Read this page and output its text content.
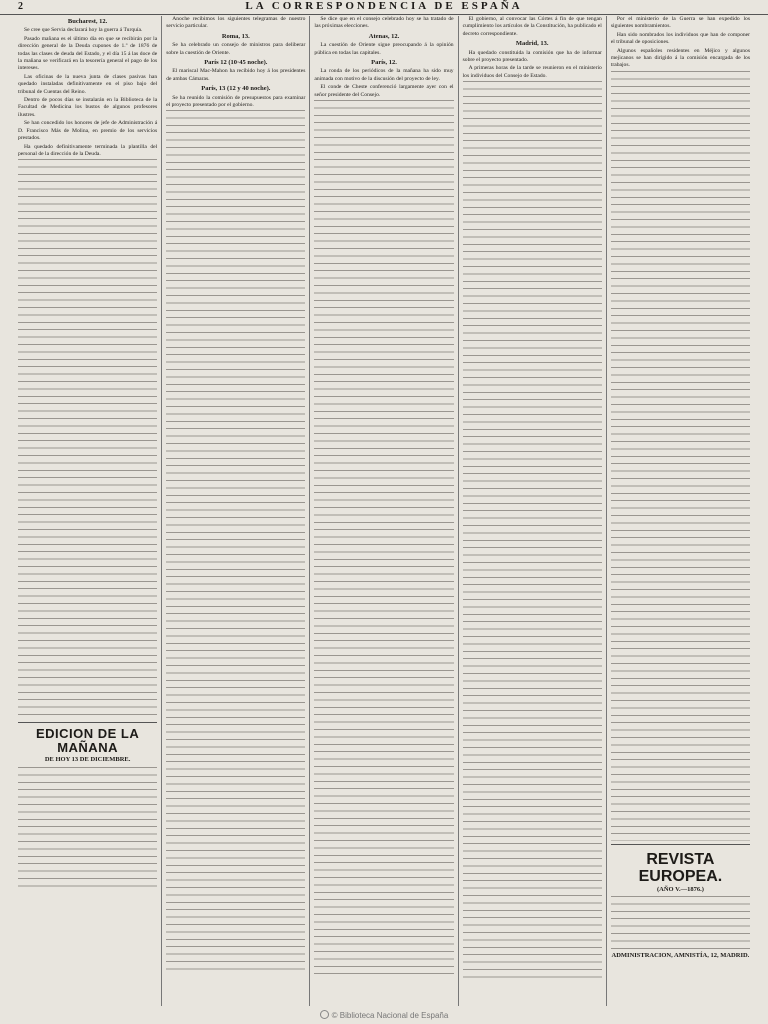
2	LA CORRESPONDENCIA DE ESPAÑA
Bucharest, 12.

Se cree que Servia declarará hoy la guerra á Turquía.

Pasado mañana es el último día en que se recibirán por la dirección general de la Deuda cupones de 1.º de 1876 de todas las clases de deuda del Estado, y el día 15 á las doce de la mañana se verificará en la tesorería general el pago de los intereses.

Las oficinas de la nueva junta de clases pasivas han quedado instaladas definitivamente en el piso bajo del tribunal de Cuentas del Reino.

Dentro de pocos días se instalarán en la Biblioteca de la Facultad de Medicina los bustos de algunos profesores ilustres.

Se han concedido los honores de jefe de Administración á D. Francisco Más de Molina, en premio de los servicios prestados.

Ha quedado definitivamente terminada la plantilla del personal de la dirección de la Deuda.

EDICION DE LA MAÑANA
DE HOY 13 DE DICIEMBRE.

Anoche recibimos los siguientes telegramas de nuestro servicio particular.

Roma, 13.

Se ha celebrado un consejo de ministros para deliberar sobre la cuestión de Oriente.

París 12 (10·45 noche).

El mariscal Mac-Mahon ha recibido hoy á los presidentes de ambas Cámaras.

París, 13 (12 y 40 noche).

Se ha reunido la comisión de presupuestos para examinar el proyecto presentado por el gobierno.

Se dice que en el consejo celebrado hoy se ha tratado de las próximas elecciones.

Atenas, 12.

La cuestión de Oriente sigue preocupando á la opinión pública en todas las capitales.

París, 12.

La ronda de los periódicos de la mañana ha sido muy animada con motivo de la discusión del proyecto de ley.

El conde de Cheste conferenció largamente ayer con el señor presidente del Consejo.

El gobierno, al convocar las Córtes á fin de que tengan cumplimiento los artículos de la Constitución, ha publicado el decreto correspondiente.

Madrid, 13.

Ha quedado constituida la comisión que ha de informar sobre el proyecto presentado.

A primeras horas de la tarde se reunieron en el ministerio los individuos del Consejo de Estado.

Por el ministerio de la Guerra se han expedido los siguientes nombramientos.

Han sido nombrados los individuos que han de componer el tribunal de oposiciones.

Algunos españoles residentes en Méjico y algunos mejicanos se han dirigido á la comisión encargada de los trabajos.

REVISTA EUROPEA.
(AÑO V.—1876.)
ADMINISTRACION, AMNISTÍA, 12, MADRID.
© Biblioteca Nacional de España
